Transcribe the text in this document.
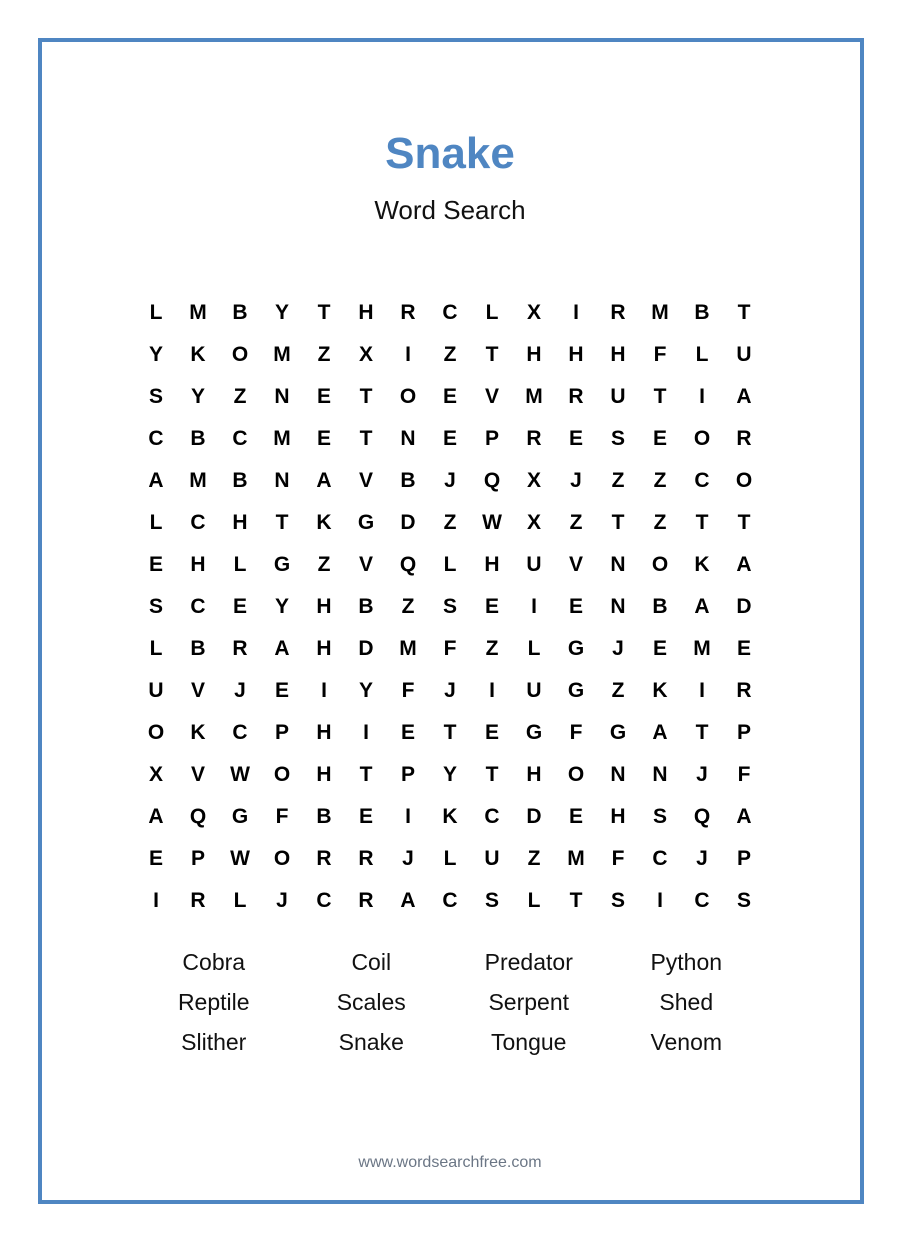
Snake
Word Search
L	M	B	Y	T	H	R	C	L	X	I	R	M	B	T
Y	K	O	M	Z	X	I	Z	T	H	H	H	F	L	U
S	Y	Z	N	E	T	O	E	V	M	R	U	T	I	A
C	B	C	M	E	T	N	E	P	R	E	S	E	O	R
A	M	B	N	A	V	B	J	Q	X	J	Z	Z	C	O
L	C	H	T	K	G	D	Z	W	X	Z	T	Z	T	T
E	H	L	G	Z	V	Q	L	H	U	V	N	O	K	A
S	C	E	Y	H	B	Z	S	E	I	E	N	B	A	D
L	B	R	A	H	D	M	F	Z	L	G	J	E	M	E
U	V	J	E	I	Y	F	J	I	U	G	Z	K	I	R
O	K	C	P	H	I	E	T	E	G	F	G	A	T	P
X	V	W	O	H	T	P	Y	T	H	O	N	N	J	F
A	Q	G	F	B	E	I	K	C	D	E	H	S	Q	A
E	P	W	O	R	R	J	L	U	Z	M	F	C	J	P
I	R	L	J	C	R	A	C	S	L	T	S	I	C	S
Cobra	Coil	Predator	Python
Reptile	Scales	Serpent	Shed
Slither	Snake	Tongue	Venom
www.wordsearchfree.com
